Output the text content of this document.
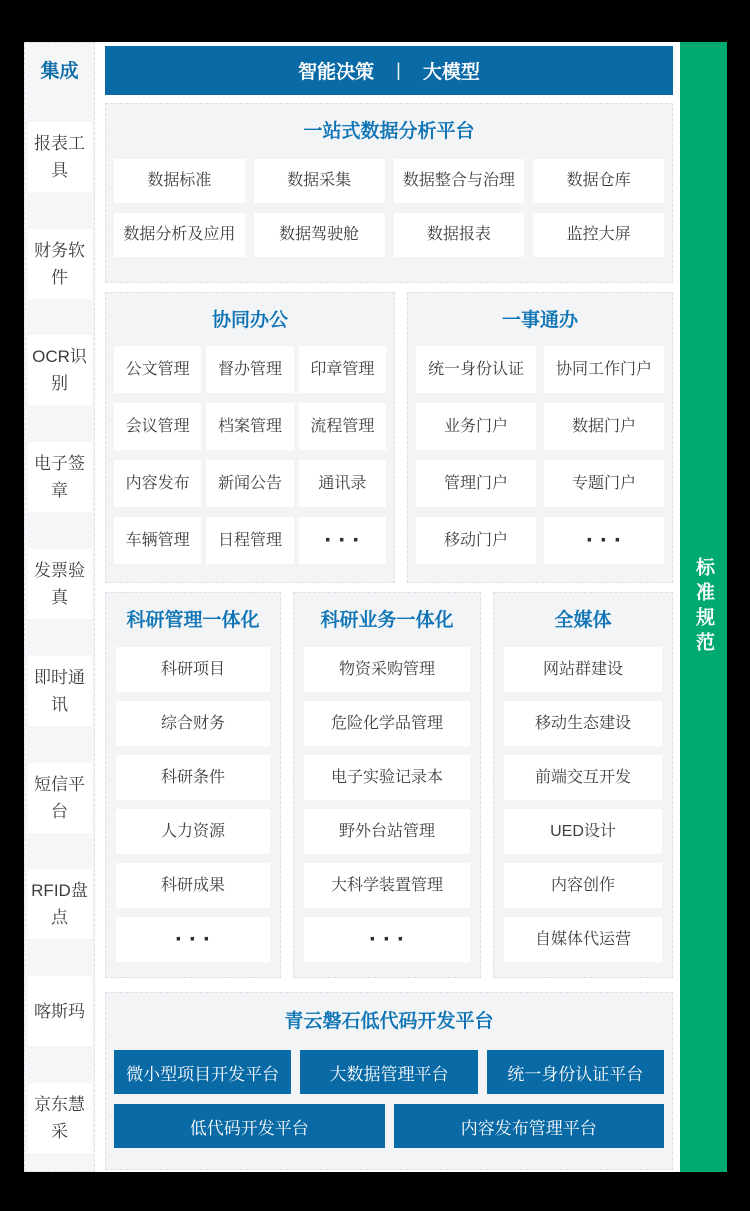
集成
报表工具
财务软件
OCR识别
电子签章
发票验真
即时通讯
短信平台
RFID盘点
喀斯玛
京东慧采
智能决策 | 大模型
一站式数据分析平台
数据标准	数据采集	数据整合与治理	数据仓库
数据分析及应用	数据驾驶舱	数据报表	监控大屏
协同办公
公文管理	督办管理	印章管理
会议管理	档案管理	流程管理
内容发布	新闻公告	通讯录
车辆管理	日程管理	···
一事通办
统一身份认证	协同工作门户
业务门户	数据门户
管理门户	专题门户
移动门户	···
科研管理一体化
科研项目
综合财务
科研条件
人力资源
科研成果
···
科研业务一体化
物资采购管理
危险化学品管理
电子实验记录本
野外台站管理
大科学装置管理
···
全媒体
网站群建设
移动生态建设
前端交互开发
UED设计
内容创作
自媒体代运营
青云磐石低代码开发平台
微小型项目开发平台	大数据管理平台	统一身份认证平台
低代码开发平台	内容发布管理平台
标准规范
